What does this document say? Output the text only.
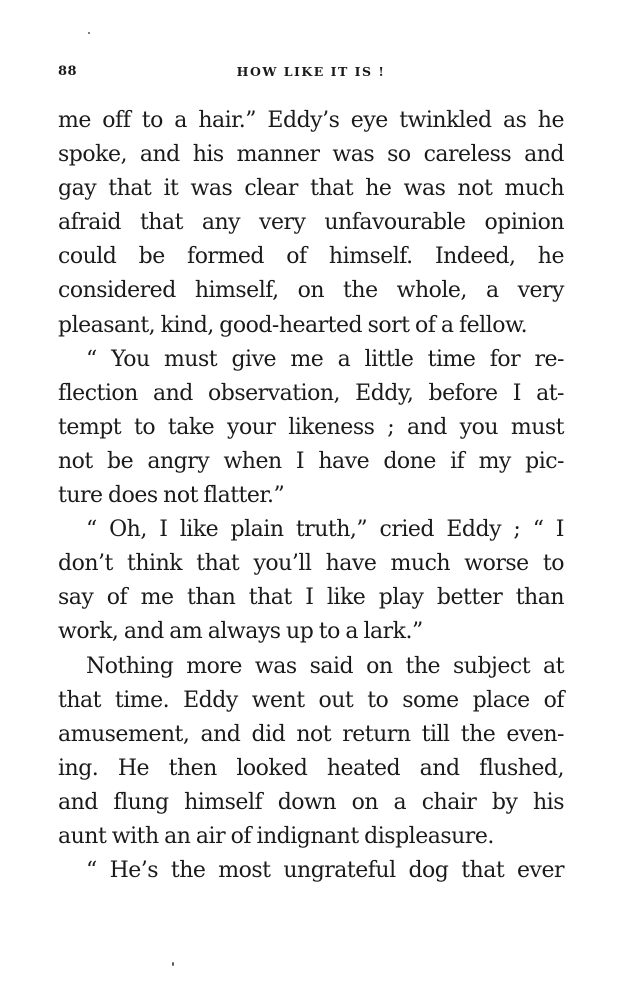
88	HOW LIKE IT IS !
me off to a hair.” Eddy’s eye twinkled as he
spoke, and his manner was so careless and
gay that it was clear that he was not much
afraid that any very unfavourable opinion
could be formed of himself. Indeed, he
considered himself, on the whole, a very
pleasant, kind, good-hearted sort of a fellow.
“ You must give me a little time for re-
flection and observation, Eddy, before I at-
tempt to take your likeness ; and you must
not be angry when I have done if my pic-
ture does not flatter.”
“ Oh, I like plain truth,” cried Eddy ; “ I
don’t think that you’ll have much worse to
say of me than that I like play better than
work, and am always up to a lark.”
Nothing more was said on the subject at
that time. Eddy went out to some place of
amusement, and did not return till the even-
ing. He then looked heated and flushed,
and flung himself down on a chair by his
aunt with an air of indignant displeasure.
“ He’s the most ungrateful dog that ever
